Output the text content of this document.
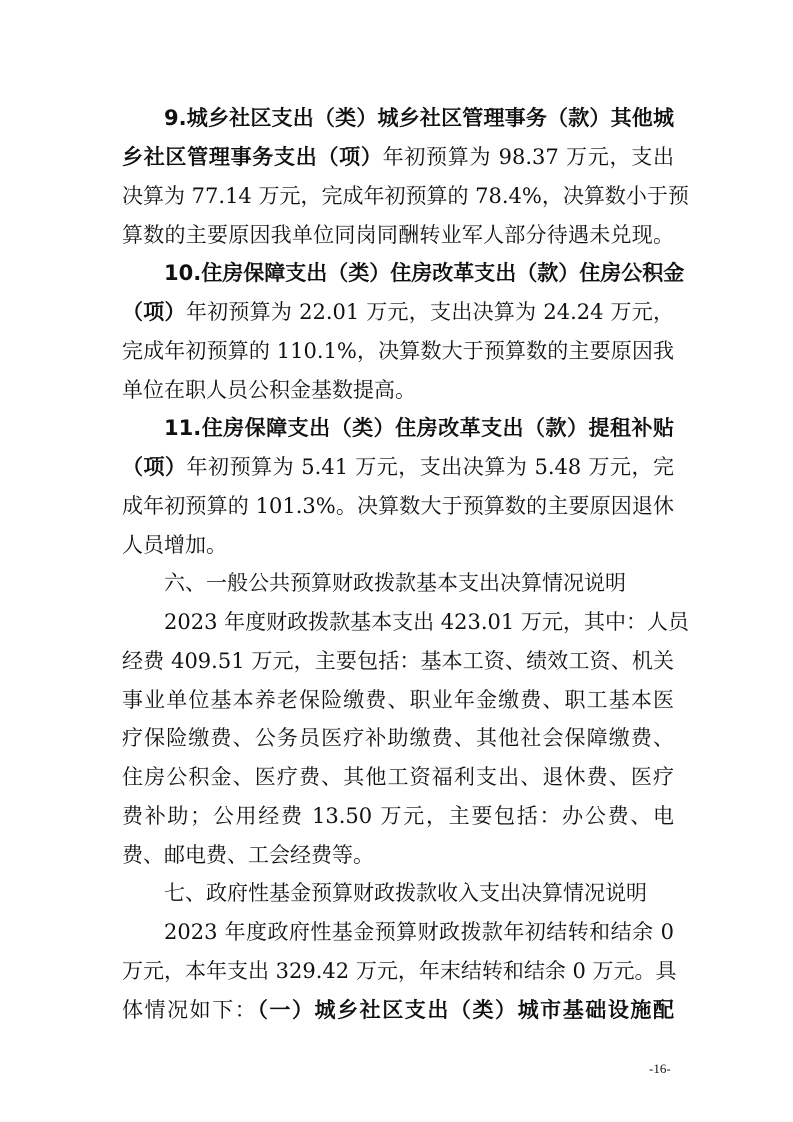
9.城乡社区支出（类）城乡社区管理事务（款）其他城
乡社区管理事务支出（项）年初预算为 98.37 万元，支出
决算为 77.14 万元，完成年初预算的 78.4%，决算数小于预
算数的主要原因我单位同岗同酬转业军人部分待遇未兑现。
10.住房保障支出（类）住房改革支出（款）住房公积金
（项）年初预算为 22.01 万元，支出决算为 24.24 万元，
完成年初预算的 110.1%，决算数大于预算数的主要原因我
单位在职人员公积金基数提高。
11.住房保障支出（类）住房改革支出（款）提租补贴
（项）年初预算为 5.41 万元，支出决算为 5.48 万元，完
成年初预算的 101.3%。决算数大于预算数的主要原因退休
人员增加。
六、一般公共预算财政拨款基本支出决算情况说明
2023 年度财政拨款基本支出 423.01 万元，其中：人员
经费 409.51 万元，主要包括：基本工资、绩效工资、机关
事业单位基本养老保险缴费、职业年金缴费、职工基本医
疗保险缴费、公务员医疗补助缴费、其他社会保障缴费、
住房公积金、医疗费、其他工资福利支出、退休费、医疗
费补助；公用经费 13.50 万元，主要包括：办公费、电
费、邮电费、工会经费等。
七、政府性基金预算财政拨款收入支出决算情况说明
2023 年度政府性基金预算财政拨款年初结转和结余 0
万元，本年支出 329.42 万元，年末结转和结余 0 万元。具
体情况如下：（一）城乡社区支出（类）城市基础设施配
-16-
